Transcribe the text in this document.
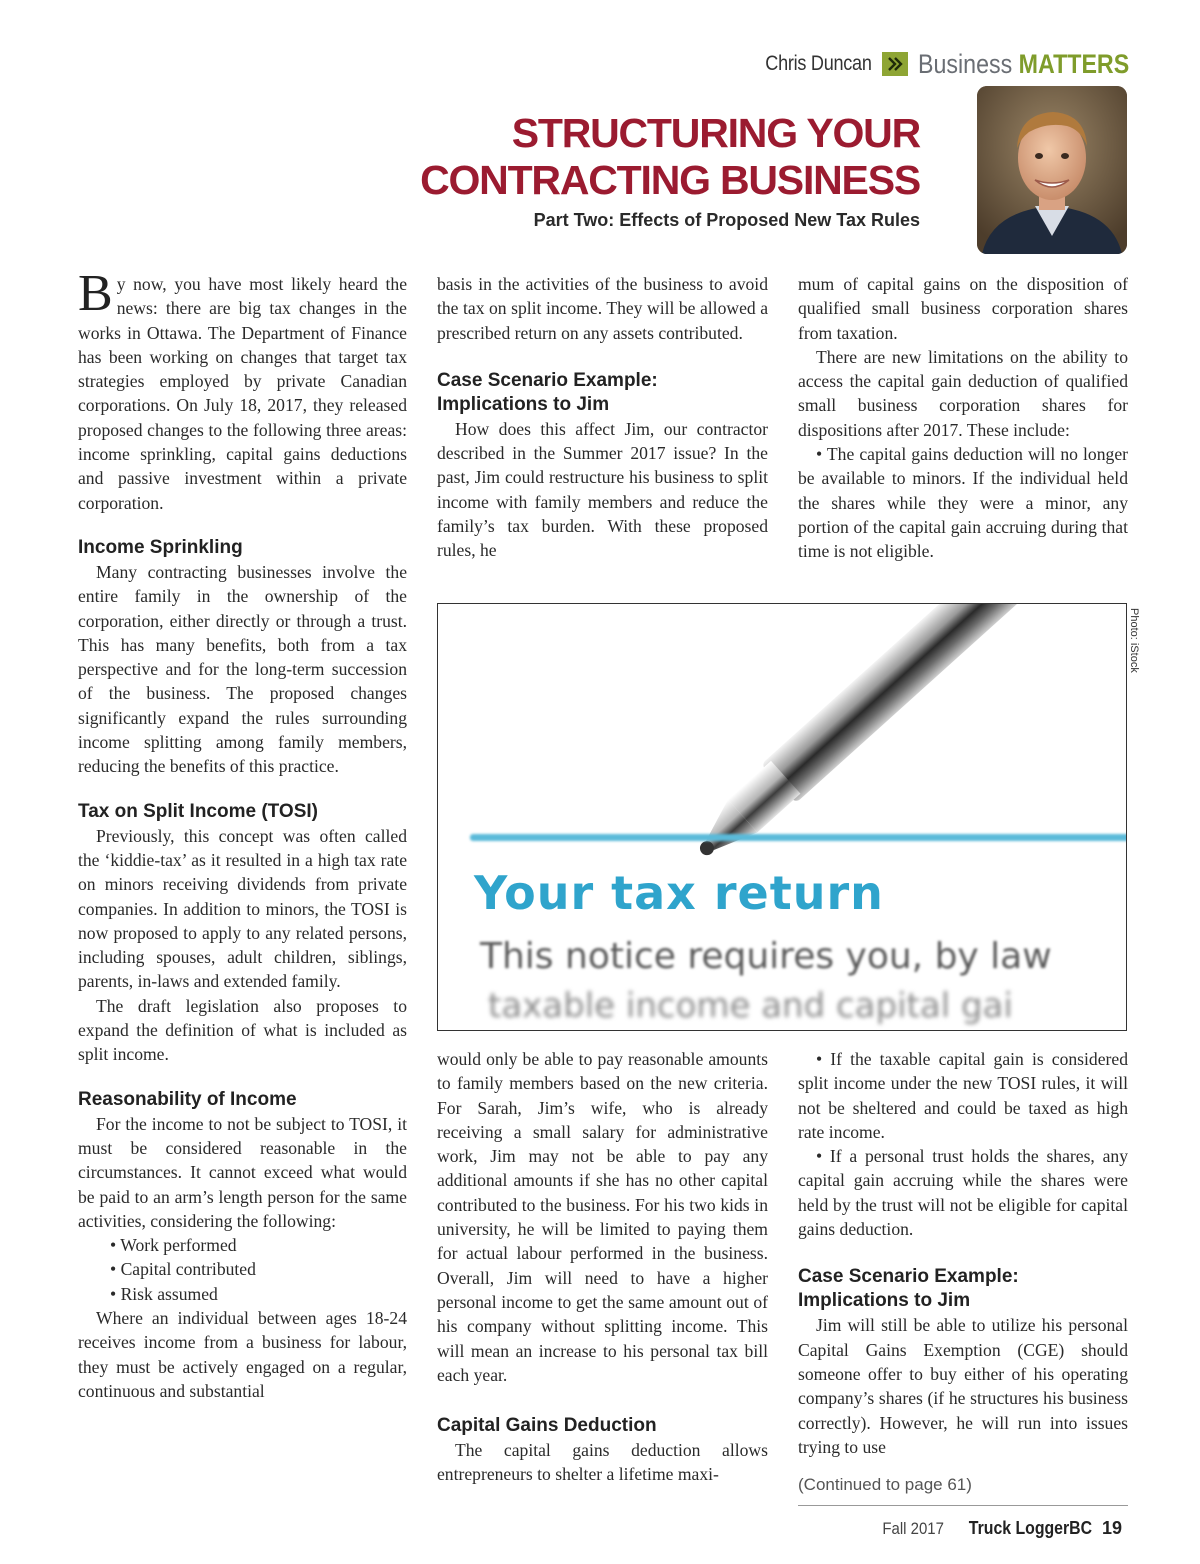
Chris Duncan Business MATTERS
STRUCTURING YOUR
CONTRACTING BUSINESS
Part Two: Effects of Proposed New Tax Rules

By now, you have most likely heard the news: there are big tax changes in the works in Ottawa. The Department of Finance has been working on changes that target tax strategies employed by private Canadian corporations. On July 18, 2017, they released proposed changes to the following three areas: income sprinkling, capital gains deductions and passive investment within a private corporation.

Income Sprinkling

Many contracting businesses involve the entire family in the ownership of the corporation, either directly or through a trust. This has many benefits, both from a tax perspective and for the long-term succession of the business. The proposed changes significantly expand the rules surrounding income splitting among family members, reducing the benefits of this practice.

Tax on Split Income (TOSI)

Previously, this concept was often called the ‘kiddie-tax’ as it resulted in a high tax rate on minors receiving dividends from private companies. In addition to minors, the TOSI is now proposed to apply to any related persons, including spouses, adult children, siblings, parents, in-laws and extended family.

The draft legislation also proposes to expand the definition of what is included as split income.

Reasonability of Income

For the income to not be subject to TOSI, it must be considered reasonable in the circumstances. It cannot exceed what would be paid to an arm’s length person for the same activities, considering the following:

• Work performed
• Capital contributed
• Risk assumed

Where an individual between ages 18-24 receives income from a business for labour, they must be actively engaged on a regular, continuous and substantial

basis in the activities of the business to avoid the tax on split income. They will be allowed a prescribed return on any assets contributed.

Case Scenario Example:
Implications to Jim

How does this affect Jim, our contractor described in the Summer 2017 issue? In the past, Jim could restructure his business to split income with family members and reduce the family’s tax burden. With these proposed rules, he

mum of capital gains on the disposition of qualified small business corporation shares from taxation.

There are new limitations on the ability to access the capital gain deduction of qualified small business corporation shares for dispositions after 2017. These include:

• The capital gains deduction will no longer be available to minors. If the individual held the shares while they were a minor, any portion of the capital gain accruing during that time is not eligible.

Your tax return
This notice requires you, by law
taxable income and capital gai
Photo: iStock

would only be able to pay reasonable amounts to family members based on the new criteria. For Sarah, Jim’s wife, who is already receiving a small salary for administrative work, Jim may not be able to pay any additional amounts if she has no other capital contributed to the business. For his two kids in university, he will be limited to paying them for actual labour performed in the business. Overall, Jim will need to have a higher personal income to get the same amount out of his company without splitting income. This will mean an increase to his personal tax bill each year.

Capital Gains Deduction

The capital gains deduction allows entrepreneurs to shelter a lifetime maxi-

• If the taxable capital gain is considered split income under the new TOSI rules, it will not be sheltered and could be taxed as high rate income.

• If a personal trust holds the shares, any capital gain accruing while the shares were held by the trust will not be eligible for capital gains deduction.

Case Scenario Example:
Implications to Jim

Jim will still be able to utilize his personal Capital Gains Exemption (CGE) should someone offer to buy either of his operating company’s shares (if he structures his business correctly). However, he will run into issues trying to use

(Continued to page 61)

Fall 2017 Truck LoggerBC 19
